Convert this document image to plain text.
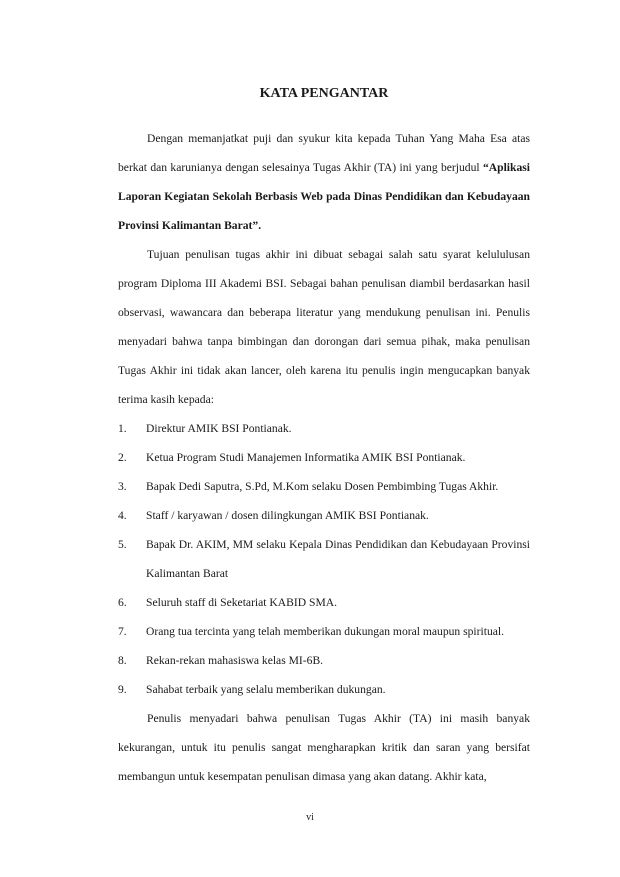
KATA PENGANTAR

Dengan memanjatkat puji dan syukur kita kepada Tuhan Yang Maha Esa atas berkat dan karunianya dengan selesainya Tugas Akhir (TA) ini yang berjudul “Aplikasi Laporan Kegiatan Sekolah Berbasis Web pada Dinas Pendidikan dan Kebudayaan Provinsi Kalimantan Barat”.

Tujuan penulisan tugas akhir ini dibuat sebagai salah satu syarat kelululusan program Diploma III Akademi BSI. Sebagai bahan penulisan diambil berdasarkan hasil observasi, wawancara dan beberapa literatur yang mendukung penulisan ini. Penulis menyadari bahwa tanpa bimbingan dan dorongan dari semua pihak, maka penulisan Tugas Akhir ini tidak akan lancer, oleh karena itu penulis ingin mengucapkan banyak terima kasih kepada:

1. Direktur AMIK BSI Pontianak.
2. Ketua Program Studi Manajemen Informatika AMIK BSI Pontianak.
3. Bapak Dedi Saputra, S.Pd, M.Kom selaku Dosen Pembimbing Tugas Akhir.
4. Staff / karyawan / dosen dilingkungan AMIK BSI Pontianak.
5. Bapak Dr. AKIM, MM selaku Kepala Dinas Pendidikan dan Kebudayaan Provinsi Kalimantan Barat
6. Seluruh staff di Seketariat KABID SMA.
7. Orang tua tercinta yang telah memberikan dukungan moral maupun spiritual.
8. Rekan-rekan mahasiswa kelas MI-6B.
9. Sahabat terbaik yang selalu memberikan dukungan.

Penulis menyadari bahwa penulisan Tugas Akhir (TA) ini masih banyak kekurangan, untuk itu penulis sangat mengharapkan kritik dan saran yang bersifat membangun untuk kesempatan penulisan dimasa yang akan datang. Akhir kata,

vi
